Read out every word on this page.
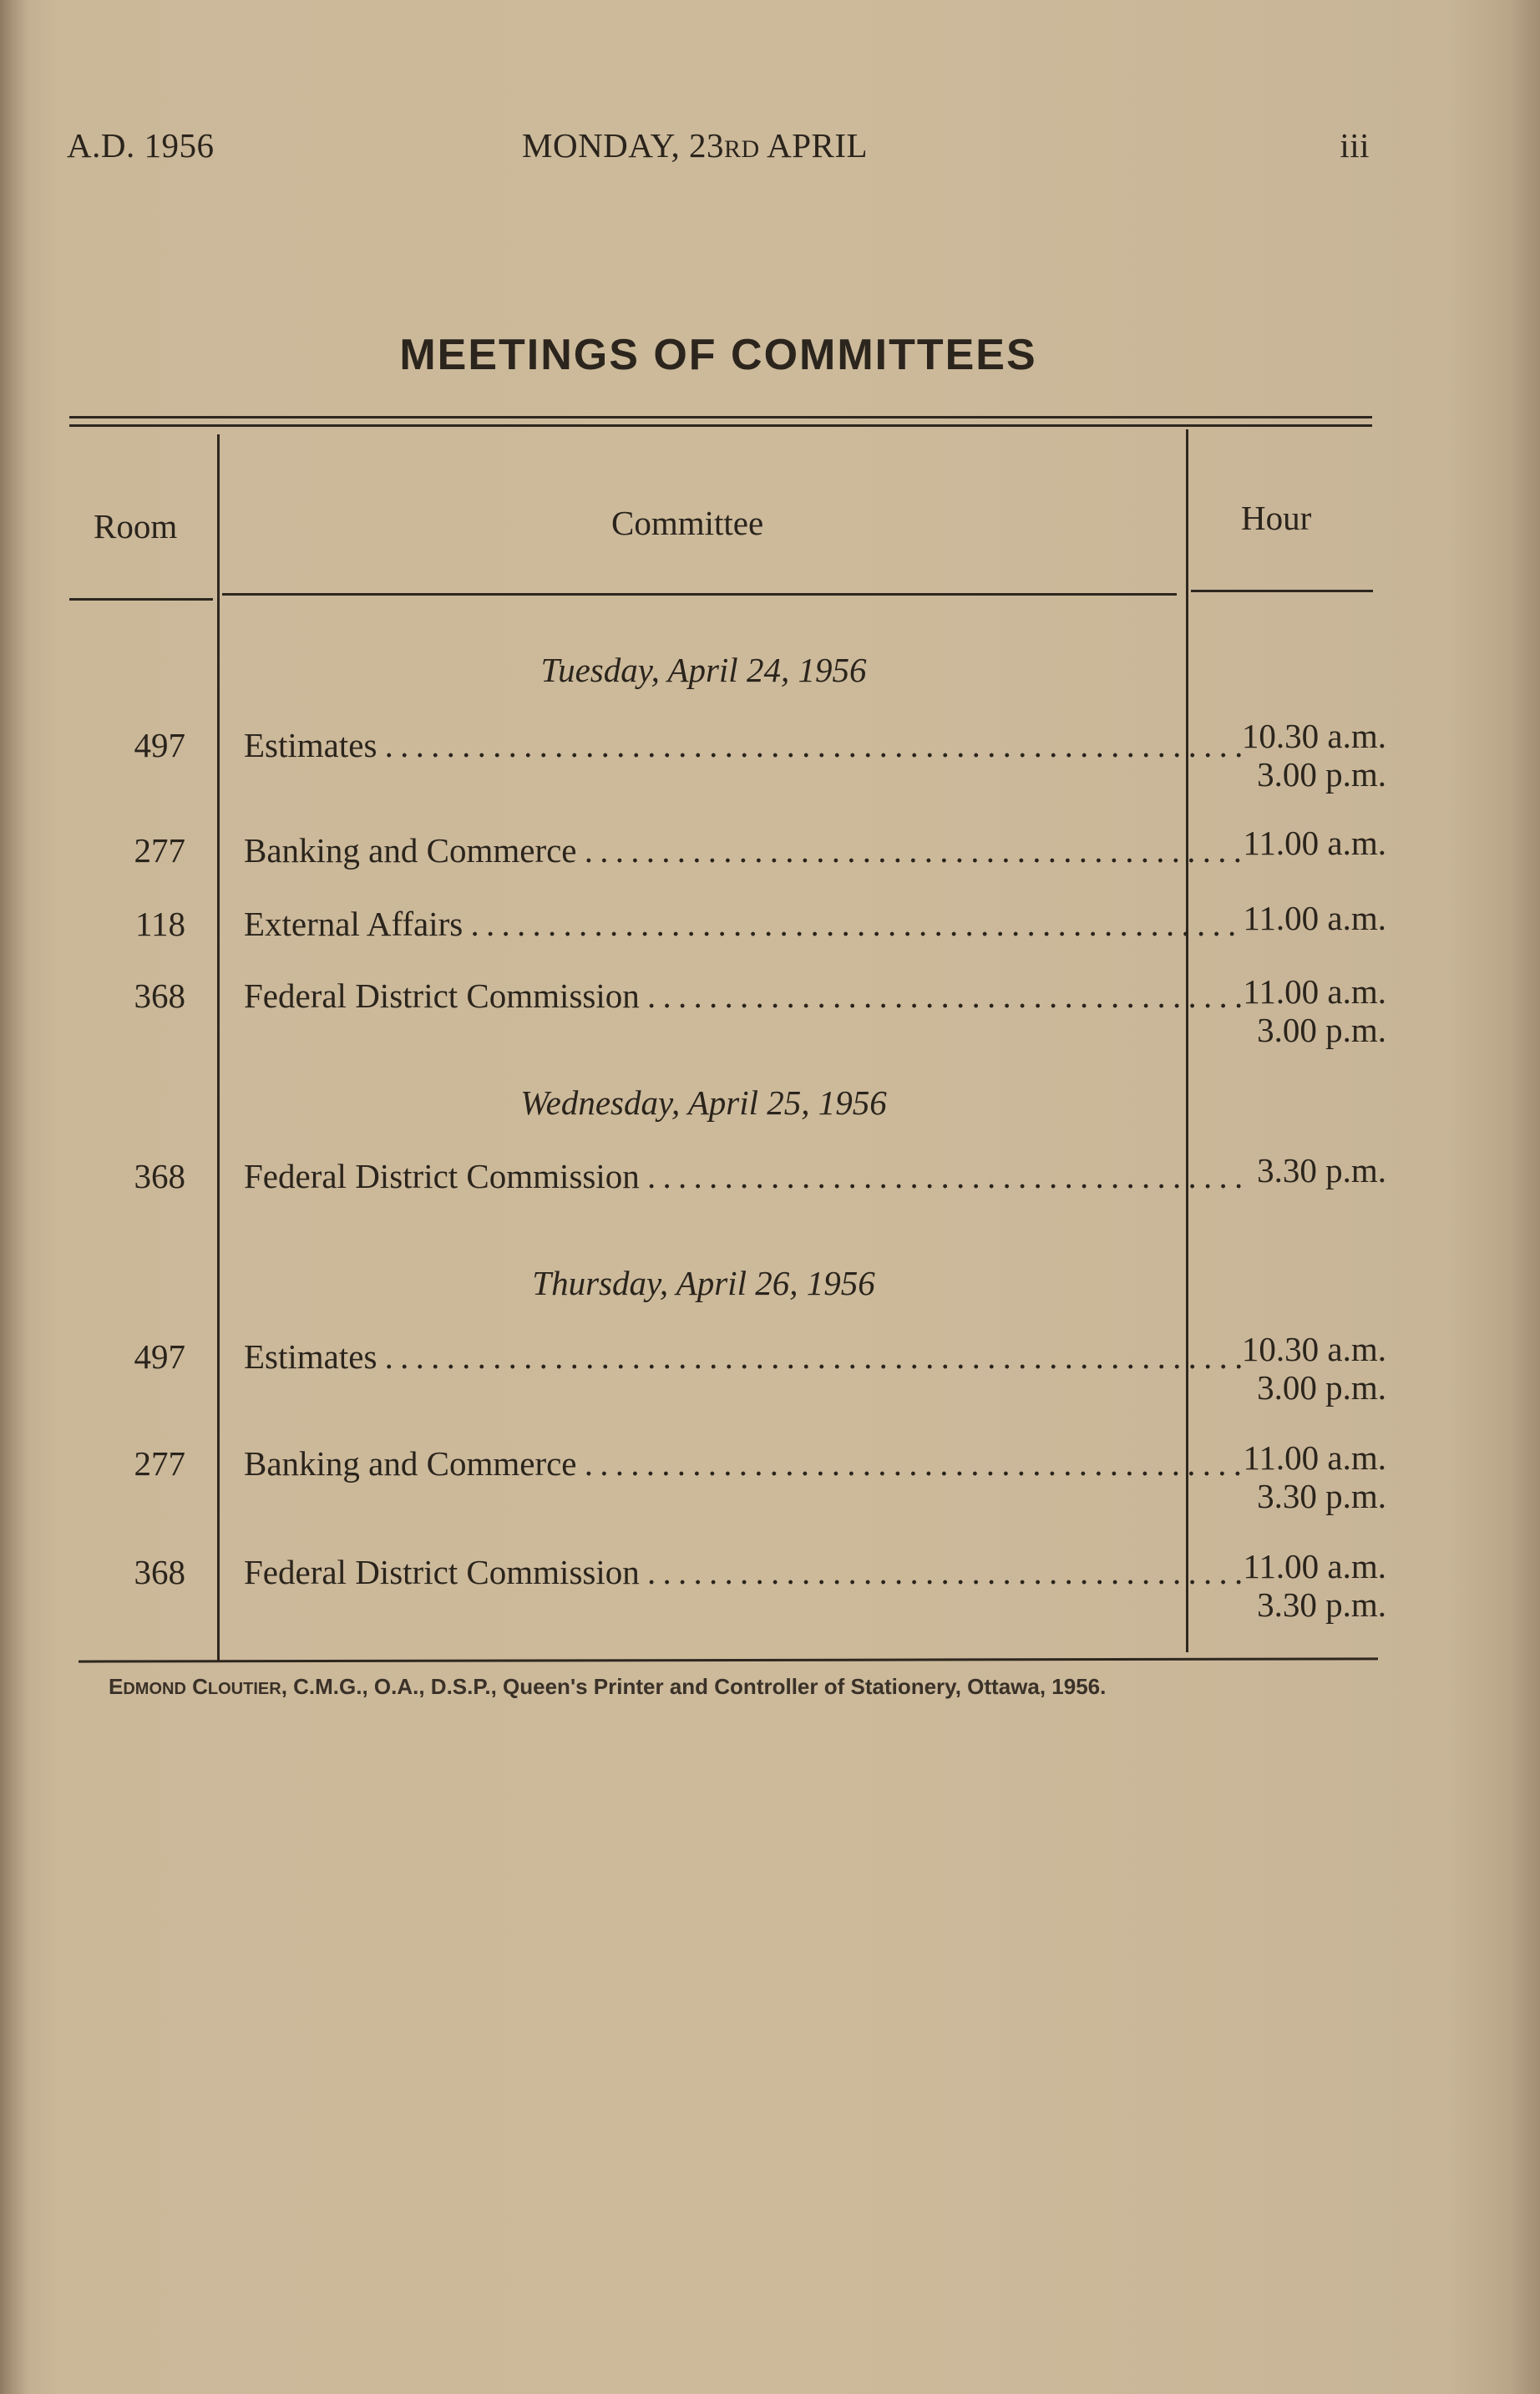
A.D. 1956	MONDAY, 23RD APRIL	iii
MEETINGS OF COMMITTEES
Room	Committee	Hour
Tuesday, April 24, 1956
497 Estimates . . .	10.30 a.m.
3.00 p.m.
277 Banking and Commerce . . .	11.00 a.m.
118 External Affairs . . .	11.00 a.m.
368 Federal District Commission . . .	11.00 a.m.
3.00 p.m.
Wednesday, April 25, 1956
368 Federal District Commission . . .	3.30 p.m.
Thursday, April 26, 1956
497 Estimates . . .	10.30 a.m.
3.00 p.m.
277 Banking and Commerce . . .	11.00 a.m.
3.30 p.m.
368 Federal District Commission . . .	11.00 a.m.
3.30 p.m.
EDMOND CLOUTIER, C.M.G., O.A., D.S.P., Queen's Printer and Controller of Stationery, Ottawa, 1956.
